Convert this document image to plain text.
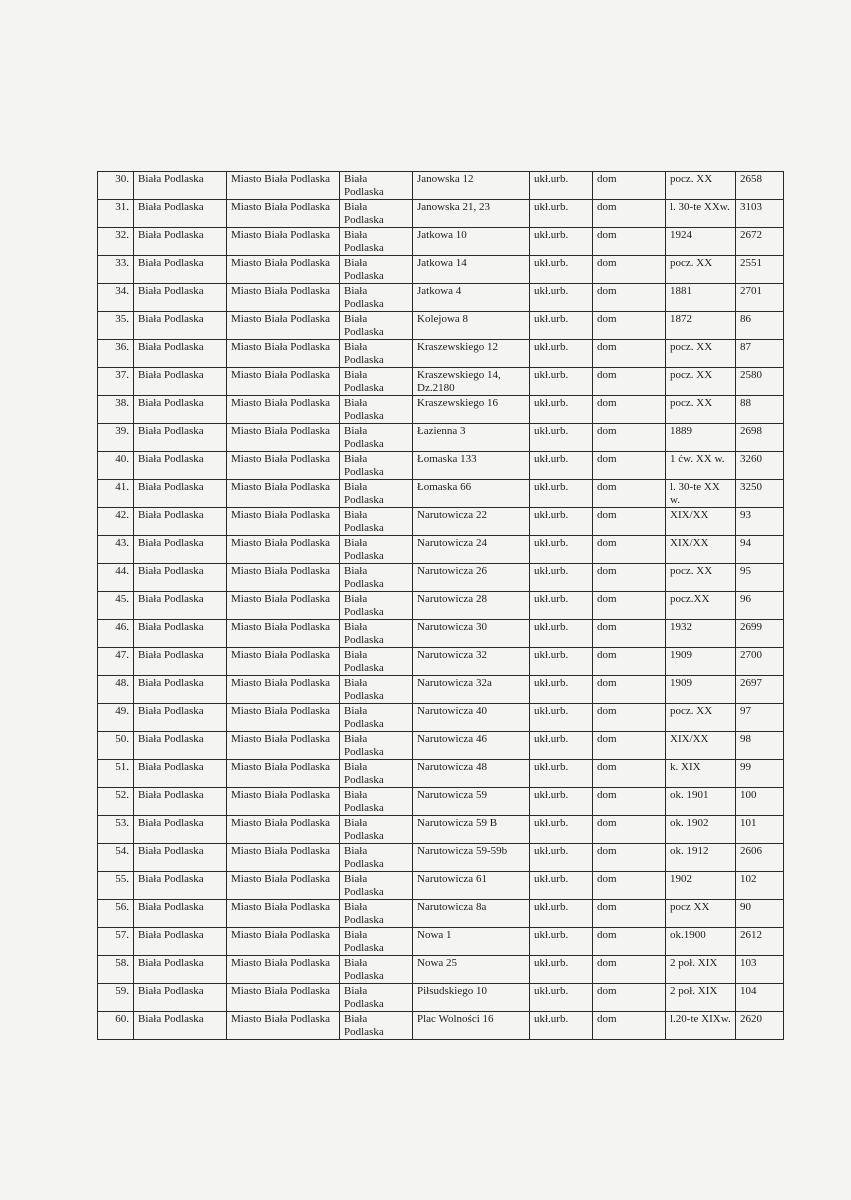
30.	Biała Podlaska	Miasto Biała Podlaska	Biała Podlaska	Janowska 12	ukł.urb.	dom	pocz. XX	2658
31.	Biała Podlaska	Miasto Biała Podlaska	Biała Podlaska	Janowska 21, 23	ukł.urb.	dom	l. 30-te XXw.	3103
32.	Biała Podlaska	Miasto Biała Podlaska	Biała Podlaska	Jatkowa 10	ukł.urb.	dom	1924	2672
33.	Biała Podlaska	Miasto Biała Podlaska	Biała Podlaska	Jatkowa 14	ukł.urb.	dom	pocz. XX	2551
34.	Biała Podlaska	Miasto Biała Podlaska	Biała Podlaska	Jatkowa 4	ukł.urb.	dom	1881	2701
35.	Biała Podlaska	Miasto Biała Podlaska	Biała Podlaska	Kolejowa 8	ukł.urb.	dom	1872	86
36.	Biała Podlaska	Miasto Biała Podlaska	Biała Podlaska	Kraszewskiego 12	ukł.urb.	dom	pocz. XX	87
37.	Biała Podlaska	Miasto Biała Podlaska	Biała Podlaska	Kraszewskiego 14, Dz.2180	ukł.urb.	dom	pocz. XX	2580
38.	Biała Podlaska	Miasto Biała Podlaska	Biała Podlaska	Kraszewskiego 16	ukł.urb.	dom	pocz. XX	88
39.	Biała Podlaska	Miasto Biała Podlaska	Biała Podlaska	Łazienna 3	ukł.urb.	dom	1889	2698
40.	Biała Podlaska	Miasto Biała Podlaska	Biała Podlaska	Łomaska 133	ukł.urb.	dom	1 ćw. XX w.	3260
41.	Biała Podlaska	Miasto Biała Podlaska	Biała Podlaska	Łomaska 66	ukł.urb.	dom	l. 30-te XX w.	3250
42.	Biała Podlaska	Miasto Biała Podlaska	Biała Podlaska	Narutowicza 22	ukł.urb.	dom	XIX/XX	93
43.	Biała Podlaska	Miasto Biała Podlaska	Biała Podlaska	Narutowicza 24	ukł.urb.	dom	XIX/XX	94
44.	Biała Podlaska	Miasto Biała Podlaska	Biała Podlaska	Narutowicza 26	ukł.urb.	dom	pocz. XX	95
45.	Biała Podlaska	Miasto Biała Podlaska	Biała Podlaska	Narutowicza 28	ukł.urb.	dom	pocz.XX	96
46.	Biała Podlaska	Miasto Biała Podlaska	Biała Podlaska	Narutowicza 30	ukł.urb.	dom	1932	2699
47.	Biała Podlaska	Miasto Biała Podlaska	Biała Podlaska	Narutowicza 32	ukł.urb.	dom	1909	2700
48.	Biała Podlaska	Miasto Biała Podlaska	Biała Podlaska	Narutowicza 32a	ukł.urb.	dom	1909	2697
49.	Biała Podlaska	Miasto Biała Podlaska	Biała Podlaska	Narutowicza 40	ukł.urb.	dom	pocz. XX	97
50.	Biała Podlaska	Miasto Biała Podlaska	Biała Podlaska	Narutowicza 46	ukł.urb.	dom	XIX/XX	98
51.	Biała Podlaska	Miasto Biała Podlaska	Biała Podlaska	Narutowicza 48	ukł.urb.	dom	k. XIX	99
52.	Biała Podlaska	Miasto Biała Podlaska	Biała Podlaska	Narutowicza 59	ukł.urb.	dom	ok. 1901	100
53.	Biała Podlaska	Miasto Biała Podlaska	Biała Podlaska	Narutowicza 59 B	ukł.urb.	dom	ok. 1902	101
54.	Biała Podlaska	Miasto Biała Podlaska	Biała Podlaska	Narutowicza 59-59b	ukł.urb.	dom	ok. 1912	2606
55.	Biała Podlaska	Miasto Biała Podlaska	Biała Podlaska	Narutowicza 61	ukł.urb.	dom	1902	102
56.	Biała Podlaska	Miasto Biała Podlaska	Biała Podlaska	Narutowicza 8a	ukł.urb.	dom	pocz XX	90
57.	Biała Podlaska	Miasto Biała Podlaska	Biała Podlaska	Nowa 1	ukł.urb.	dom	ok.1900	2612
58.	Biała Podlaska	Miasto Biała Podlaska	Biała Podlaska	Nowa 25	ukł.urb.	dom	2 poł. XIX	103
59.	Biała Podlaska	Miasto Biała Podlaska	Biała Podlaska	Piłsudskiego 10	ukł.urb.	dom	2 poł. XIX	104
60.	Biała Podlaska	Miasto Biała Podlaska	Biała Podlaska	Plac Wolności 16	ukł.urb.	dom	l.20-te XIXw.	2620
